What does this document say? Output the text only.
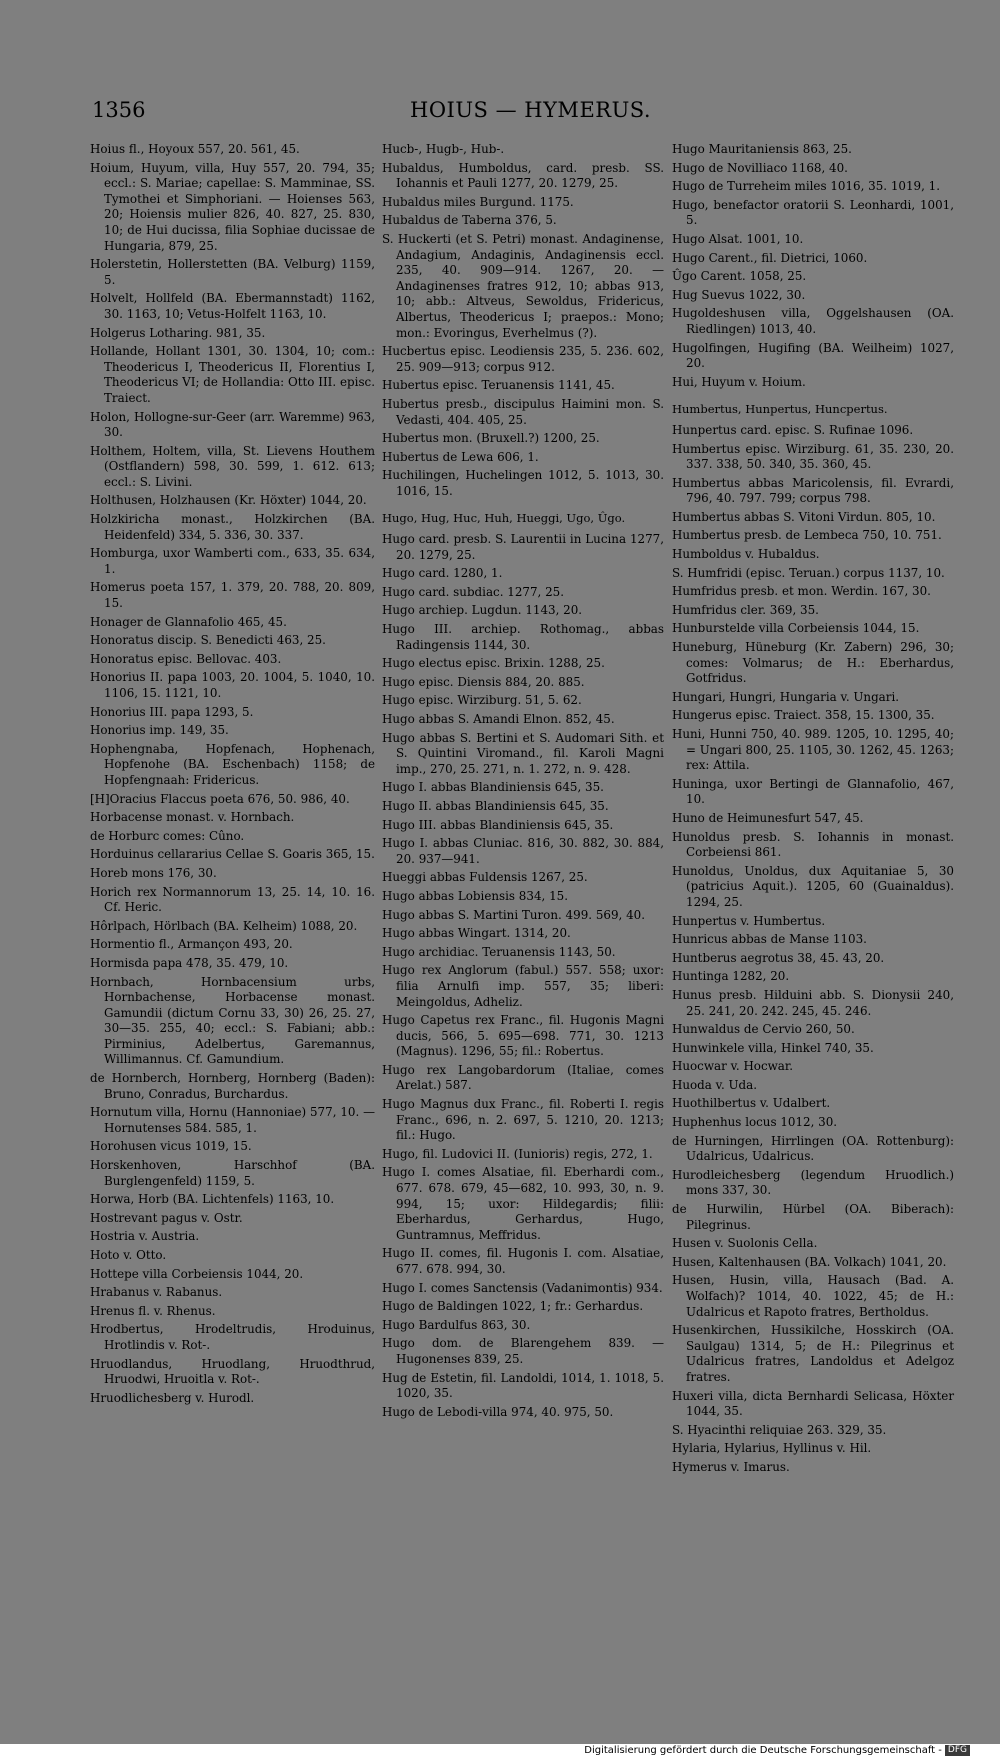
1356	HOIUS — HYMERUS.

Hoius fl., Hoyoux 557, 20. 561, 45.

Hoium, Huyum, villa, Huy 557, 20. 794, 35; eccl.: S. Mariae; capellae: S. Mamminae, SS. Tymothei et Simphoriani. — Hoienses 563, 20; Hoiensis mulier 826, 40. 827, 25. 830, 10; de Hui ducissa, filia Sophiae ducissae de Hungaria, 879, 25.

Holerstetin, Hollerstetten (BA. Velburg) 1159, 5.

Holvelt, Hollfeld (BA. Ebermannstadt) 1162, 30. 1163, 10; Vetus-Holfelt 1163, 10.

Holgerus Lotharing. 981, 35.

Hollande, Hollant 1301, 30. 1304, 10; com.: Theodericus I, Theodericus II, Florentius I, Theodericus VI; de Hollandia: Otto III. episc. Traiect.

Holon, Hollogne-sur-Geer (arr. Waremme) 963, 30.

Holthem, Holtem, villa, St. Lievens Houthem (Ostflandern) 598, 30. 599, 1. 612. 613; eccl.: S. Livini.

Holthusen, Holzhausen (Kr. Höxter) 1044, 20.

Holzkiricha monast., Holzkirchen (BA. Heidenfeld) 334, 5. 336, 30. 337.

Homburga, uxor Wamberti com., 633, 35. 634, 1.

Homerus poeta 157, 1. 379, 20. 788, 20. 809, 15.

Honager de Glannafolio 465, 45.

Honoratus discip. S. Benedicti 463, 25.

Honoratus episc. Bellovac. 403.

Honorius II. papa 1003, 20. 1004, 5. 1040, 10. 1106, 15. 1121, 10.

Honorius III. papa 1293, 5.

Honorius imp. 149, 35.

Hophengnaba, Hopfenach, Hophenach, Hopfenohe (BA. Eschenbach) 1158; de Hopfengnaah: Fridericus.

[H]Oracius Flaccus poeta 676, 50. 986, 40.

Horbacense monast. v. Hornbach.

de Horburc comes: Cûno.

Horduinus cellararius Cellae S. Goaris 365, 15.

Horeb mons 176, 30.

Horich rex Normannorum 13, 25. 14, 10. 16. Cf. Heric.

Hôrlpach, Hörlbach (BA. Kelheim) 1088, 20.

Hormentio fl., Armançon 493, 20.

Hormisda papa 478, 35. 479, 10.

Hornbach, Hornbacensium urbs, Hornbachense, Horbacense monast. Gamundii (dictum Cornu 33, 30) 26, 25. 27, 30—35. 255, 40; eccl.: S. Fabiani; abb.: Pirminius, Adelbertus, Garemannus, Willimannus. Cf. Gamundium.

de Hornberch, Hornberg, Hornberg (Baden): Bruno, Conradus, Burchardus.

Hornutum villa, Hornu (Hannoniae) 577, 10. — Hornutenses 584. 585, 1.

Horohusen vicus 1019, 15.

Horskenhoven, Harschhof (BA. Burglengenfeld) 1159, 5.

Horwa, Horb (BA. Lichtenfels) 1163, 10.

Hostrevant pagus v. Ostr.

Hostria v. Austria.

Hoto v. Otto.

Hottepe villa Corbeiensis 1044, 20.

Hrabanus v. Rabanus.

Hrenus fl. v. Rhenus.

Hrodbertus, Hrodeltrudis, Hroduinus, Hrotlindis v. Rot-.

Hruodlandus, Hruodlang, Hruodthrud, Hruodwi, Hruoitla v. Rot-.

Hruodlichesberg v. Hurodl.

Hucb-, Hugb-, Hub-.

Hubaldus, Humboldus, card. presb. SS. Iohannis et Pauli 1277, 20. 1279, 25.

Hubaldus miles Burgund. 1175.

Hubaldus de Taberna 376, 5.

S. Huckerti (et S. Petri) monast. Andaginense, Andagium, Andaginis, Andaginensis eccl. 235, 40. 909—914. 1267, 20. — Andaginenses fratres 912, 10; abbas 913, 10; abb.: Altveus, Sewoldus, Fridericus, Albertus, Theodericus I; praepos.: Mono; mon.: Evoringus, Everhelmus (?).

Hucbertus episc. Leodiensis 235, 5. 236. 602, 25. 909—913; corpus 912.

Hubertus episc. Teruanensis 1141, 45.

Hubertus presb., discipulus Haimini mon. S. Vedasti, 404. 405, 25.

Hubertus mon. (Bruxell.?) 1200, 25.

Hubertus de Lewa 606, 1.

Huchilingen, Huchelingen 1012, 5. 1013, 30. 1016, 15.

Hugo, Hug, Huc, Huh, Hueggi, Ugo, Ûgo.

Hugo card. presb. S. Laurentii in Lucina 1277, 20. 1279, 25.

Hugo card. 1280, 1.

Hugo card. subdiac. 1277, 25.

Hugo archiep. Lugdun. 1143, 20.

Hugo III. archiep. Rothomag., abbas Radingensis 1144, 30.

Hugo electus episc. Brixin. 1288, 25.

Hugo episc. Diensis 884, 20. 885.

Hugo episc. Wirziburg. 51, 5. 62.

Hugo abbas S. Amandi Elnon. 852, 45.

Hugo abbas S. Bertini et S. Audomari Sith. et S. Quintini Viromand., fil. Karoli Magni imp., 270, 25. 271, n. 1. 272, n. 9. 428.

Hugo I. abbas Blandiniensis 645, 35.

Hugo II. abbas Blandiniensis 645, 35.

Hugo III. abbas Blandiniensis 645, 35.

Hugo I. abbas Cluniac. 816, 30. 882, 30. 884, 20. 937—941.

Hueggi abbas Fuldensis 1267, 25.

Hugo abbas Lobiensis 834, 15.

Hugo abbas S. Martini Turon. 499. 569, 40.

Hugo abbas Wingart. 1314, 20.

Hugo archidiac. Teruanensis 1143, 50.

Hugo rex Anglorum (fabul.) 557. 558; uxor: filia Arnulfi imp. 557, 35; liberi: Meingoldus, Adheliz.

Hugo Capetus rex Franc., fil. Hugonis Magni ducis, 566, 5. 695—698. 771, 30. 1213 (Magnus). 1296, 55; fil.: Robertus.

Hugo rex Langobardorum (Italiae, comes Arelat.) 587.

Hugo Magnus dux Franc., fil. Roberti I. regis Franc., 696, n. 2. 697, 5. 1210, 20. 1213; fil.: Hugo.

Hugo, fil. Ludovici II. (Iunioris) regis, 272, 1.

Hugo I. comes Alsatiae, fil. Eberhardi com., 677. 678. 679, 45—682, 10. 993, 30, n. 9. 994, 15; uxor: Hildegardis; filii: Eberhardus, Gerhardus, Hugo, Guntramnus, Meffridus.

Hugo II. comes, fil. Hugonis I. com. Alsatiae, 677. 678. 994, 30.

Hugo I. comes Sanctensis (Vadanimontis) 934.

Hugo de Baldingen 1022, 1; fr.: Gerhardus.

Hugo Bardulfus 863, 30.

Hugo dom. de Blarengehem 839. — Hugonenses 839, 25.

Hug de Estetin, fil. Landoldi, 1014, 1. 1018, 5. 1020, 35.

Hugo de Lebodi-villa 974, 40. 975, 50.

Hugo Mauritaniensis 863, 25.

Hugo de Novilliaco 1168, 40.

Hugo de Turreheim miles 1016, 35. 1019, 1.

Hugo, benefactor oratorii S. Leonhardi, 1001, 5.

Hugo Alsat. 1001, 10.

Hugo Carent., fil. Dietrici, 1060.

Ûgo Carent. 1058, 25.

Hug Suevus 1022, 30.

Hugoldeshusen villa, Oggelshausen (OA. Riedlingen) 1013, 40.

Hugolfingen, Hugifing (BA. Weilheim) 1027, 20.

Hui, Huyum v. Hoium.

Humbertus, Hunpertus, Huncpertus.

Hunpertus card. episc. S. Rufinae 1096.

Humbertus episc. Wirziburg. 61, 35. 230, 20. 337. 338, 50. 340, 35. 360, 45.

Humbertus abbas Maricolensis, fil. Evrardi, 796, 40. 797. 799; corpus 798.

Humbertus abbas S. Vitoni Virdun. 805, 10.

Humbertus presb. de Lembeca 750, 10. 751.

Humboldus v. Hubaldus.

S. Humfridi (episc. Teruan.) corpus 1137, 10.

Humfridus presb. et mon. Werdin. 167, 30.

Humfridus cler. 369, 35.

Hunburstelde villa Corbeiensis 1044, 15.

Huneburg, Hüneburg (Kr. Zabern) 296, 30; comes: Volmarus; de H.: Eberhardus, Gotfridus.

Hungari, Hungri, Hungaria v. Ungari.

Hungerus episc. Traiect. 358, 15. 1300, 35.

Huni, Hunni 750, 40. 989. 1205, 10. 1295, 40; = Ungari 800, 25. 1105, 30. 1262, 45. 1263; rex: Attila.

Huninga, uxor Bertingi de Glannafolio, 467, 10.

Huno de Heimunesfurt 547, 45.

Hunoldus presb. S. Iohannis in monast. Corbeiensi 861.

Hunoldus, Unoldus, dux Aquitaniae 5, 30 (patricius Aquit.). 1205, 60 (Guainaldus). 1294, 25.

Hunpertus v. Humbertus.

Hunricus abbas de Manse 1103.

Huntberus aegrotus 38, 45. 43, 20.

Huntinga 1282, 20.

Hunus presb. Hilduini abb. S. Dionysii 240, 25. 241, 20. 242. 245, 45. 246.

Hunwaldus de Cervio 260, 50.

Hunwinkele villa, Hinkel 740, 35.

Huocwar v. Hocwar.

Huoda v. Uda.

Huothilbertus v. Udalbert.

Huphenhus locus 1012, 30.

de Hurningen, Hirrlingen (OA. Rottenburg): Udalricus, Udalricus.

Hurodleichesberg (legendum Hruodlich.) mons 337, 30.

de Hurwilin, Hürbel (OA. Biberach): Pilegrinus.

Husen v. Suolonis Cella.

Husen, Kaltenhausen (BA. Volkach) 1041, 20.

Husen, Husin, villa, Hausach (Bad. A. Wolfach)? 1014, 40. 1022, 45; de H.: Udalricus et Rapoto fratres, Bertholdus.

Husenkirchen, Hussikilche, Hosskirch (OA. Saulgau) 1314, 5; de H.: Pilegrinus et Udalricus fratres, Landoldus et Adelgoz fratres.

Huxeri villa, dicta Bernhardi Selicasa, Höxter 1044, 35.

S. Hyacinthi reliquiae 263. 329, 35.

Hylaria, Hylarius, Hyllinus v. Hil.

Hymerus v. Imarus.

Digitalisierung gefördert durch die Deutsche Forschungsgemeinschaft - DFG
